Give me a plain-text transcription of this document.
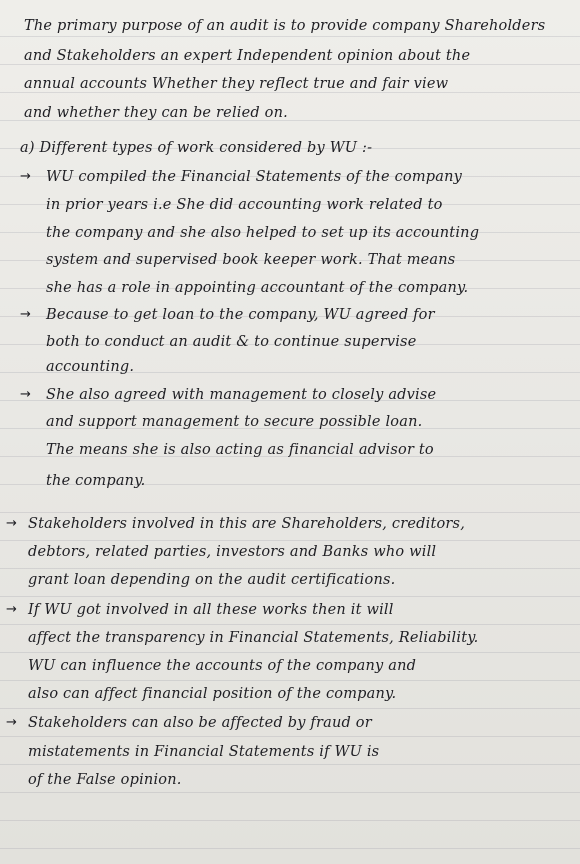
The primary purpose of an audit is to provide company Shareholders
and Stakeholders an expert Independent opinion about the
annual accounts Whether they reflect true and fair view
and whether they can be relied on.
a) Different types of work considered by WU :-
→ WU compiled the Financial Statements of the company
in prior years i.e She did accounting work related to
the company and she also helped to set up its accounting
system and supervised book keeper work. That means
she has a role in appointing accountant of the company.
→ Because to get loan to the company, WU agreed for
both to conduct an audit & to continue supervise
accounting.
→ She also agreed with management to closely advise
and support management to secure possible loan.
The means she is also acting as financial advisor to
the company.
→ Stakeholders involved in this are Shareholders, creditors,
debtors, related parties, investors and Banks who will
grant loan depending on the audit certifications.
→ If WU got involved in all these works then it will
affect the transparency in Financial Statements, Reliability.
WU can influence the accounts of the company and
also can affect financial position of the company.
→ Stakeholders can also be affected by fraud or
mistatements in Financial Statements if WU is
of the False opinion.
